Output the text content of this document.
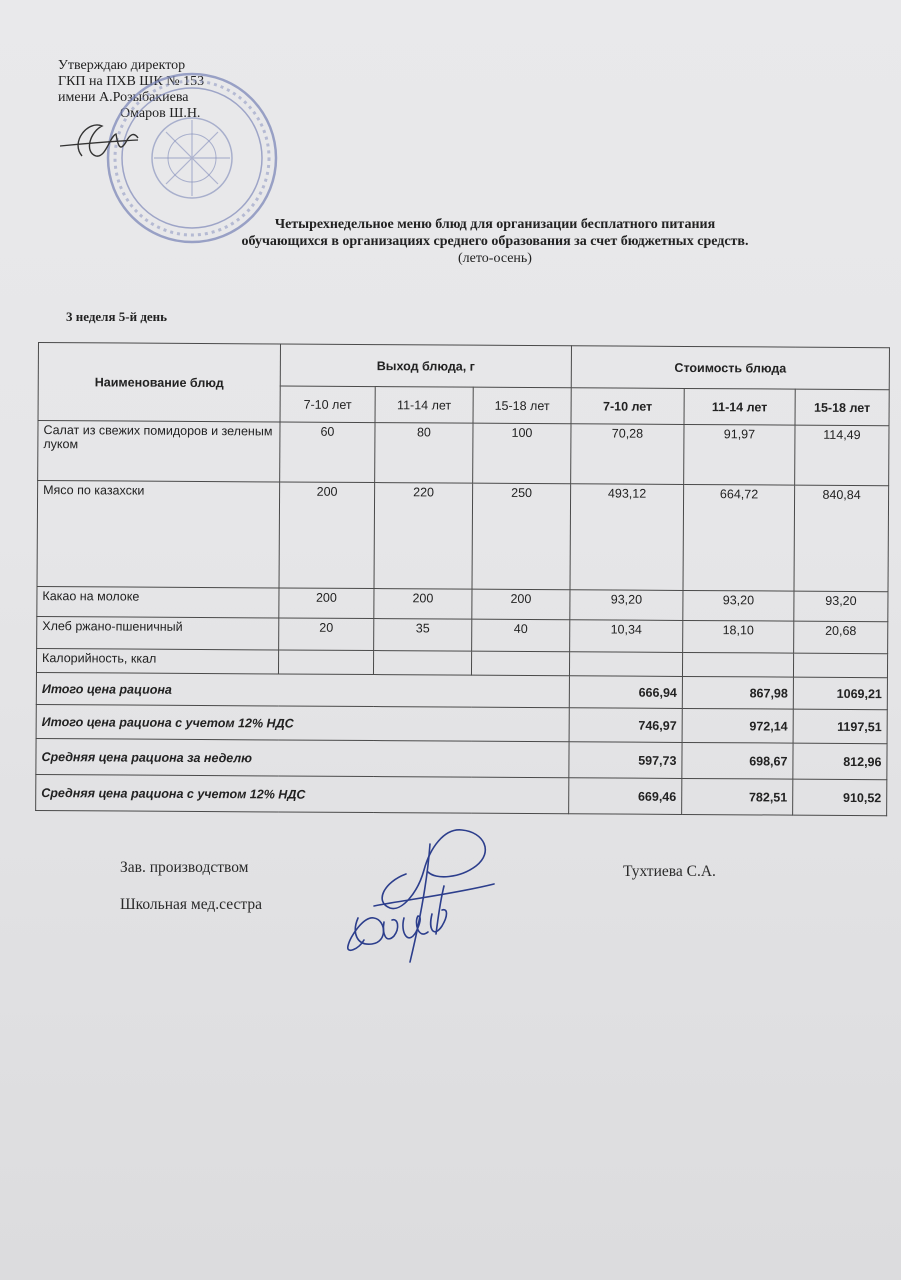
Утверждаю директор
ГКП на ПХВ ШК № 153
имени А.Розыбакиева
Омаров Ш.Н.
Четырехнедельное меню блюд для организации бесплатного питания
обучающихся в организациях среднего образования за счет бюджетных средств.
(лето-осень)
3 неделя 5-й день
Наименование блюд	Выход блюда, г			Стоимость блюда		
	7-10 лет	11-14 лет	15-18 лет	7-10 лет	11-14 лет	15-18 лет
Салат из свежих помидоров и зеленым луком	60	80	100	70,28	91,97	114,49
Мясо по казахски	200	220	250	493,12	664,72	840,84
Какао на молоке	200	200	200	93,20	93,20	93,20
Хлеб ржано-пшеничный	20	35	40	10,34	18,10	20,68
Калорийность, ккал						
Итого цена рациона				666,94	867,98	1069,21
Итого цена рациона с учетом 12% НДС				746,97	972,14	1197,51
Средняя цена рациона за неделю				597,73	698,67	812,96
Средняя цена рациона с учетом 12% НДС				669,46	782,51	910,52
Зав. производством
Школьная мед.сестра
Тухтиева С.А.
